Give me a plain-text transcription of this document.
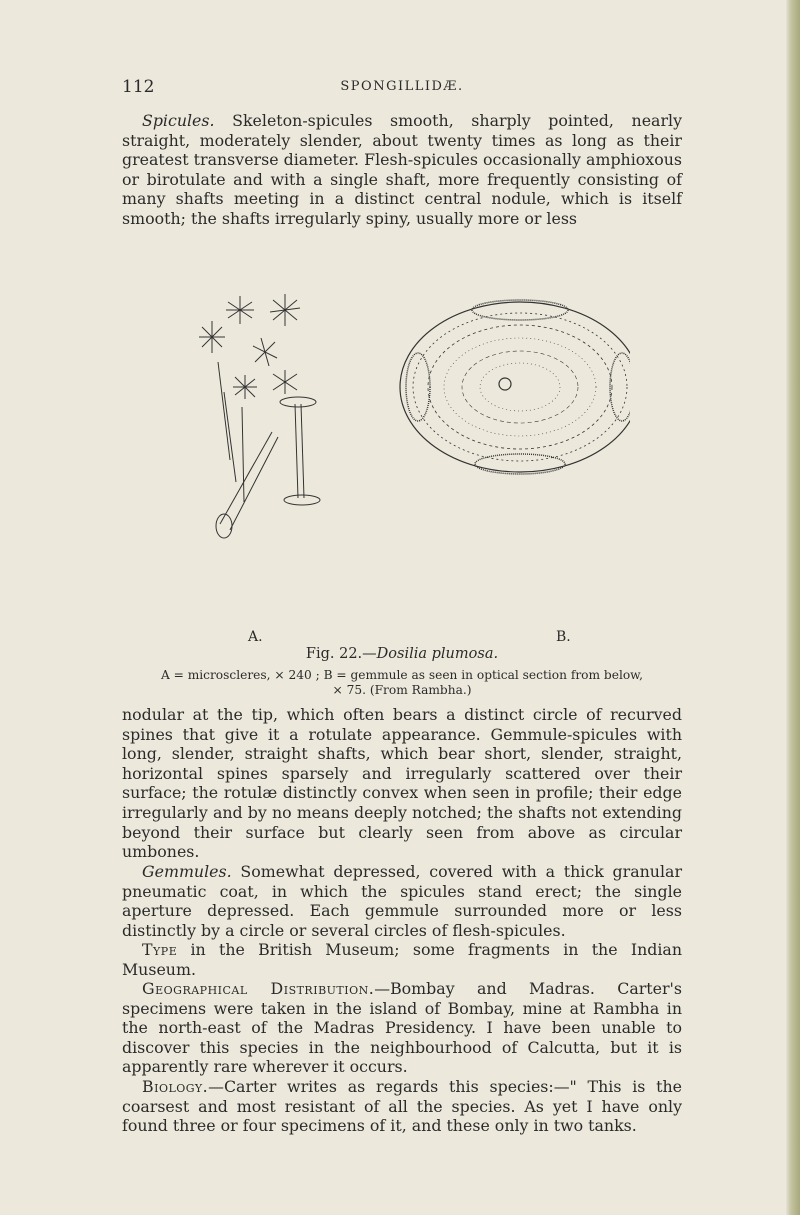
112	SPONGILLIDÆ.

Spicules. Skeleton-spicules smooth, sharply pointed, nearly straight, moderately slender, about twenty times as long as their greatest transverse diameter. Flesh-spicules occasionally amphioxous or birotulate and with a single shaft, more frequently consisting of many shafts meeting in a distinct central nodule, which is itself smooth; the shafts irregularly spiny, usually more or less

A.	B.
Fig. 22.—Dosilia plumosa.
A = microscleres, × 240 ; B = gemmule as seen in optical section from below, × 75. (From Rambha.)

nodular at the tip, which often bears a distinct circle of recurved spines that give it a rotulate appearance. Gemmule-spicules with long, slender, straight shafts, which bear short, slender, straight, horizontal spines sparsely and irregularly scattered over their surface; the rotulæ distinctly convex when seen in profile; their edge irregularly and by no means deeply notched; the shafts not extending beyond their surface but clearly seen from above as circular umbones.

Gemmules. Somewhat depressed, covered with a thick granular pneumatic coat, in which the spicules stand erect; the single aperture depressed. Each gemmule surrounded more or less distinctly by a circle or several circles of flesh-spicules.

Type in the British Museum; some fragments in the Indian Museum.

Geographical Distribution.—Bombay and Madras. Carter's specimens were taken in the island of Bombay, mine at Rambha in the north-east of the Madras Presidency. I have been unable to discover this species in the neighbourhood of Calcutta, but it is apparently rare wherever it occurs.

Biology.—Carter writes as regards this species:—" This is the coarsest and most resistant of all the species. As yet I have only found three or four specimens of it, and these only in two tanks.
